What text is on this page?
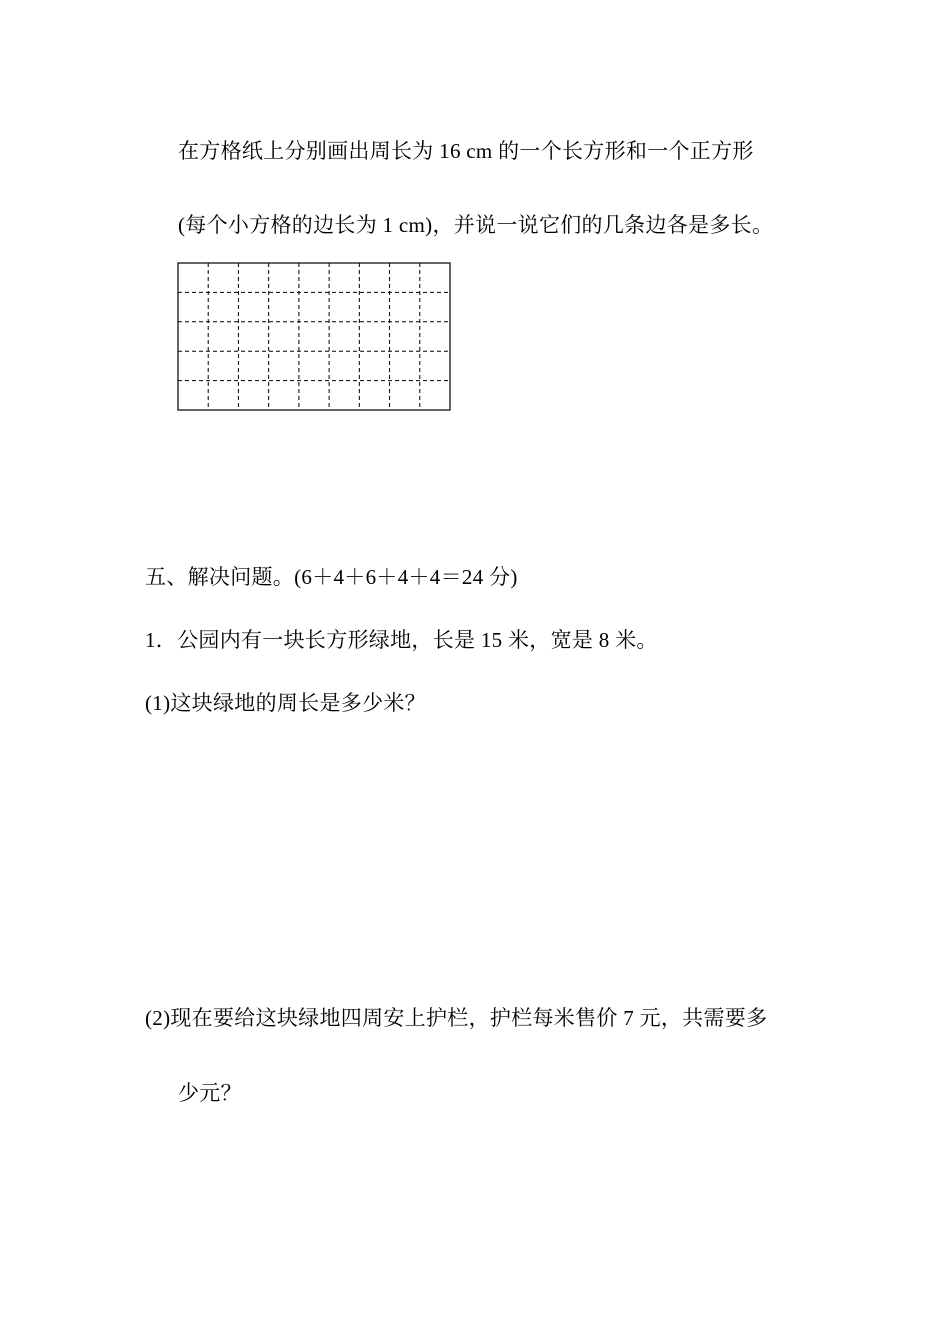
在方格纸上分别画出周长为 16 cm 的一个长方形和一个正方形
(每个小方格的边长为 1 cm)，并说一说它们的几条边各是多长。
五、解决问题。(6＋4＋6＋4＋4＝24 分)
1．公园内有一块长方形绿地，长是 15 米，宽是 8 米。
(1)这块绿地的周长是多少米？
(2)现在要给这块绿地四周安上护栏，护栏每米售价 7 元，共需要多
少元？
